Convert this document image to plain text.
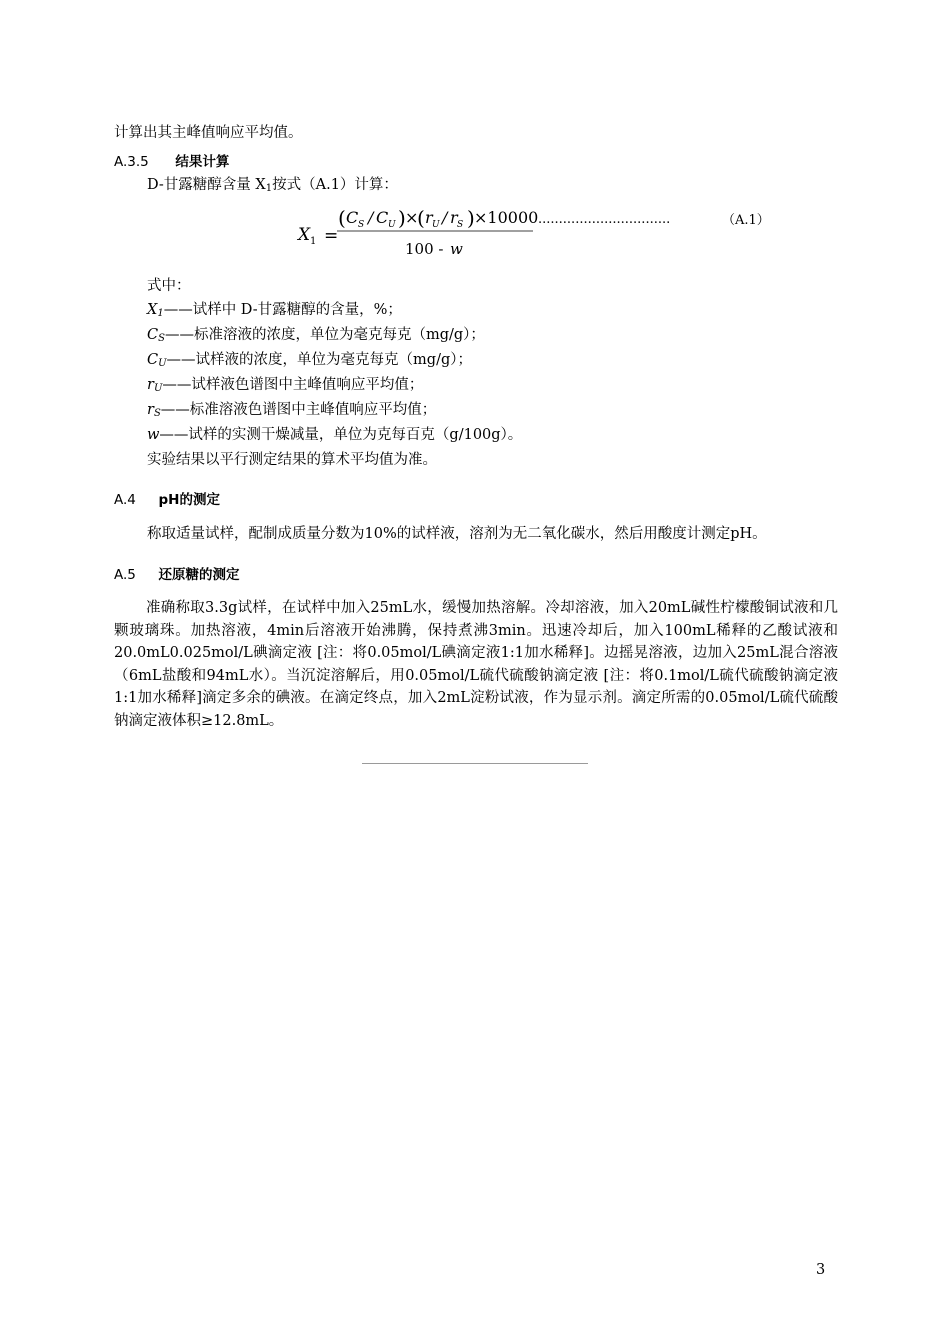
计算出其主峰值响应平均值。
A.3.5 结果计算
D-甘露糖醇含量 $X_1$按式（A.1）计算：
X 1 =
( C S / C U ) ×
( r U / r S ) ×10000
100 - w
................................	（A.1）
式中：
$X_1——$试样中 D-甘露糖醇的含量，%；
$C_S——$标准溶液的浓度，单位为毫克每克（mg/g）；
$C_U——$试样液的浓度，单位为毫克每克（mg/g）；
$r_U——$试样液色谱图中主峰值响应平均值；
$r_S——$标准溶液色谱图中主峰值响应平均值；
w——试样的实测干燥减量，单位为克每百克（g/100g）。
实验结果以平行测定结果的算术平均值为准。
A.4 pH的测定
称取适量试样，配制成质量分数为10%的试样液，溶剂为无二氧化碳水，然后用酸度计测定pH。
A.5 还原糖的测定
准确称取3.3g试样，在试样中加入25mL水，缓慢加热溶解。冷却溶液，加入20mL碱性柠檬酸铜试液和几颗玻璃珠。加热溶液，4min后溶液开始沸腾，保持煮沸3min。迅速冷却后，加入100mL稀释的乙酸试液和20.0mL0.025mol/L碘滴定液 [注：将0.05mol/L碘滴定液1:1加水稀释]。边摇晃溶液，边加入25mL混合溶液（6mL盐酸和94mL水）。当沉淀溶解后，用0.05mol/L硫代硫酸钠滴定液 [注：将0.1mol/L硫代硫酸钠滴定液1:1加水稀释]滴定多余的碘液。在滴定终点，加入2mL淀粉试液，作为显示剂。滴定所需的0.05mol/L硫代硫酸钠滴定液体积≥12.8mL。
3
